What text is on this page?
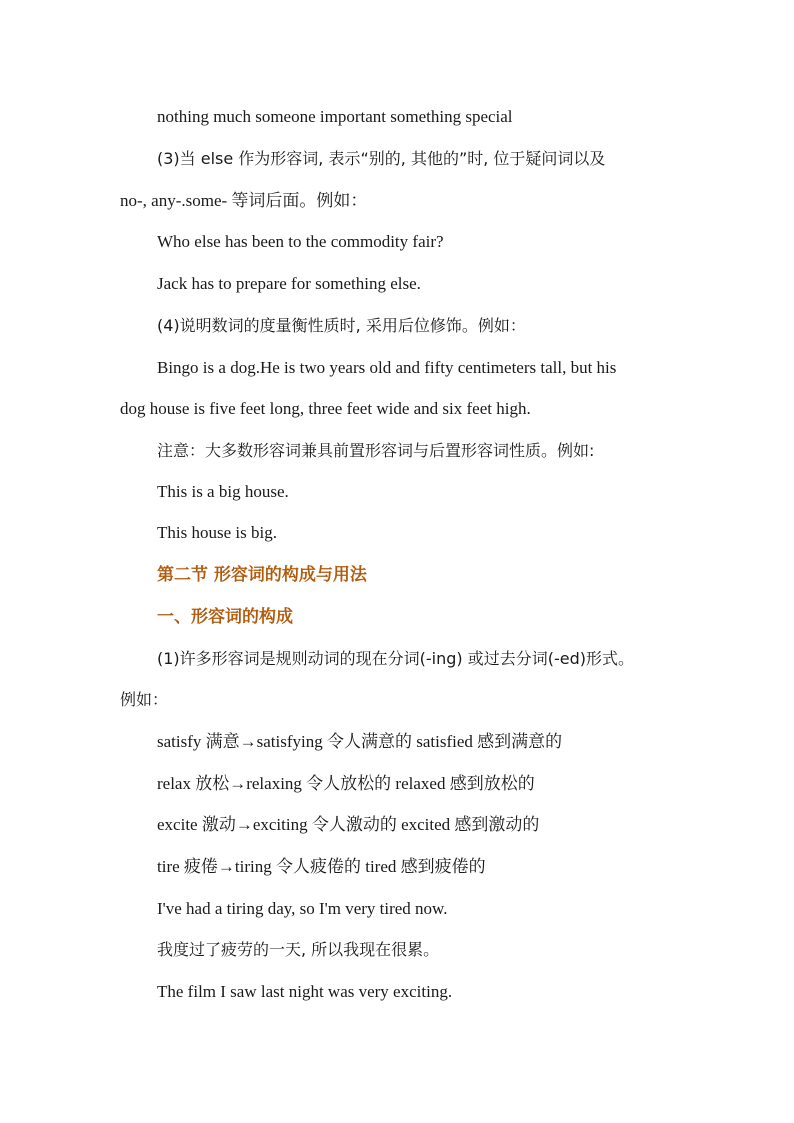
nothing much someone important something special

(3)当 else 作为形容词, 表示“别的, 其他的”时, 位于疑问词以及

no-, any-.some- 等词后面。例如：

Who else has been to the commodity fair?

Jack has to prepare for something else.

(4)说明数词的度量衡性质时, 采用后位修饰。例如：

Bingo is a dog.He is two years old and fifty centimeters tall, but his

dog house is five feet long, three feet wide and six feet high.

注意：大多数形容词兼具前置形容词与后置形容词性质。例如:

This is a big house.

This house is big.

第二节 形容词的构成与用法

一、形容词的构成

(1)许多形容词是规则动词的现在分词(-ing) 或过去分词(-ed)形式。

例如：

satisfy 满意→satisfying 令人满意的 satisfied 感到满意的

relax 放松→relaxing 令人放松的 relaxed 感到放松的

excite 激动→exciting 令人激动的 excited 感到激动的

tire 疲倦→tiring 令人疲倦的 tired 感到疲倦的

I've had a tiring day, so I'm very tired now.

我度过了疲劳的一天, 所以我现在很累。

The film I saw last night was very exciting.
